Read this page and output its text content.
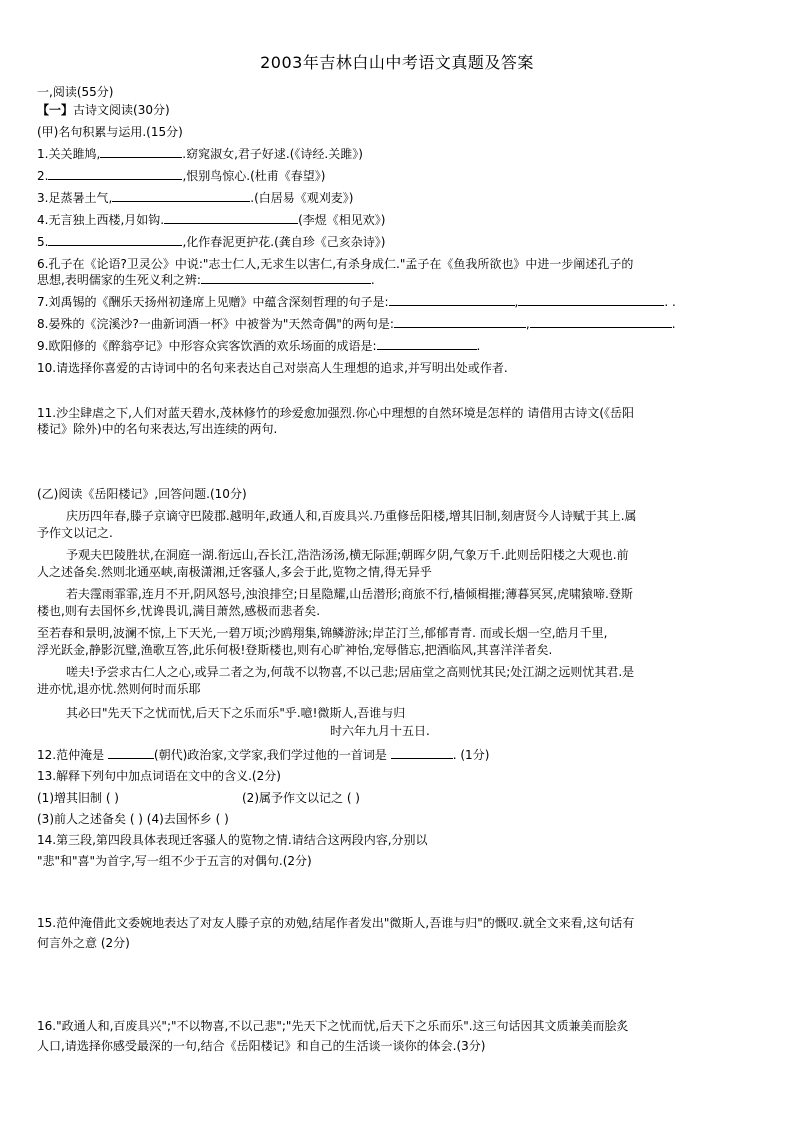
2003年吉林白山中考语文真题及答案
一,阅读(55分)
【一】古诗文阅读(30分)
(甲)名句积累与运用.(15分)
1.关关雎鸠,	.窈窕淑女,君子好逑.(《诗经.关雎》)
2.	,恨别鸟惊心.(杜甫《春望》)
3.足蒸暑土气,	.(白居易《观刈麦》)
4.无言独上西楼,月如钩.	(李煜《相见欢》)
5.	,化作春泥更护花.(龚自珍《己亥杂诗》)
6.孔子在《论语?卫灵公》中说:"志士仁人,无求生以害仁,有杀身成仁."孟子在《鱼我所欲也》中进一步阐述孔子的
思想,表明儒家的生死义利之辨:	.
7.刘禹锡的《酬乐天扬州初逢席上见赠》中蕴含深刻哲理的句子是:	,	. .
8.晏殊的《浣溪沙?一曲新词酒一杯》中被誉为"天然奇偶"的两句是:	,	.
9.欧阳修的《醉翁亭记》中形容众宾客饮酒的欢乐场面的成语是:	.
10.请选择你喜爱的古诗词中的名句来表达自己对崇高人生理想的追求,并写明出处或作者.
11.沙尘肆虐之下,人们对蓝天碧水,茂林修竹的珍爱愈加强烈.你心中理想的自然环境是怎样的 请借用古诗文(《岳阳
楼记》除外)中的名句来表达,写出连续的两句.
(乙)阅读《岳阳楼记》,回答问题.(10分)
庆历四年春,滕子京谪守巴陵郡.越明年,政通人和,百废具兴.乃重修岳阳楼,增其旧制,刻唐贤今人诗赋于其上.属
予作文以记之.
予观夫巴陵胜状,在洞庭一湖.衔远山,吞长江,浩浩汤汤,横无际涯;朝晖夕阴,气象万千.此则岳阳楼之大观也.前
人之述备矣.然则北通巫峡,南极潇湘,迁客骚人,多会于此,览物之情,得无异乎
若夫霪雨霏霏,连月不开,阴风怒号,浊浪排空;日星隐耀,山岳潜形;商旅不行,樯倾楫摧;薄暮冥冥,虎啸猿啼.登斯
楼也,则有去国怀乡,忧谗畏讥,满目萧然,感极而悲者矣.
至若春和景明,波澜不惊,上下天光,一碧万顷;沙鸥翔集,锦鳞游泳;岸芷汀兰,郁郁青青. 而或长烟一空,皓月千里,
浮光跃金,静影沉璧,渔歌互答,此乐何极!登斯楼也,则有心旷神怡,宠辱偕忘,把酒临风,其喜洋洋者矣.
嗟夫!予尝求古仁人之心,或异二者之为,何哉不以物喜,不以己悲;居庙堂之高则忧其民;处江湖之远则忧其君.是
进亦忧,退亦忧.然则何时而乐耶
其必曰"先天下之忧而忧,后天下之乐而乐"乎.噫!微斯人,吾谁与归
时六年九月十五日.
12.范仲淹是	(朝代)政治家,文学家,我们学过他的一首词是	. (1分)
13.解释下列句中加点词语在文中的含义.(2分)
(1)增其旧制 ( )	(2)属予作文以记之 ( )
(3)前人之述备矣 ( ) (4)去国怀乡 ( )
14.第三段,第四段具体表现迁客骚人的览物之情.请结合这两段内容,分别以
"悲"和"喜"为首字,写一组不少于五言的对偶句.(2分)
15.范仲淹借此文委婉地表达了对友人滕子京的劝勉,结尾作者发出"微斯人,吾谁与归"的慨叹.就全文来看,这句话有
何言外之意 (2分)
16."政通人和,百废具兴";"不以物喜,不以己悲";"先天下之忧而忧,后天下之乐而乐".这三句话因其文质兼美而脍炙
人口,请选择你感受最深的一句,结合《岳阳楼记》和自己的生活谈一谈你的体会.(3分)
